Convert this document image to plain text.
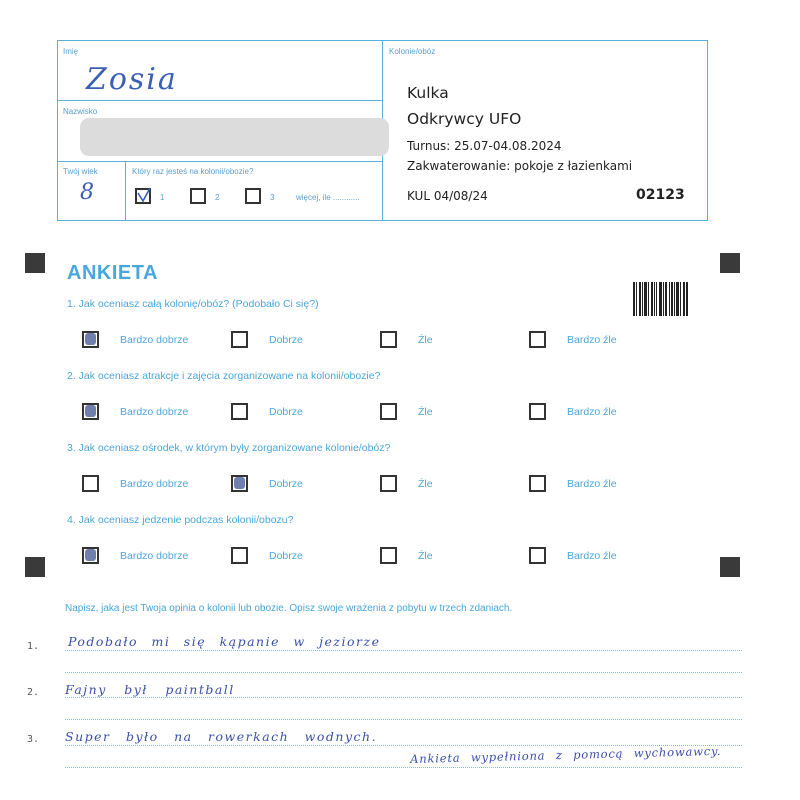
Imię
Zosia
Nazwisko
Twój wiek
8
Który raz jesteś na kolonii/obozie?
1	2	3	więcej, ile ............
Kolonie/obóz
Kulka
Odkrywcy UFO
Turnus: 25.07-04.08.2024
Zakwaterowanie: pokoje z łazienkami
KUL 04/08/24	02123
ANKIETA
1. Jak oceniasz całą kolonię/obóz? (Podobało Ci się?)
Bardzo dobrze	Dobrze	Źle	Bardzo źle
2. Jak oceniasz atrakcje i zajęcia zorganizowane na kolonii/obozie?
Bardzo dobrze	Dobrze	Źle	Bardzo źle
3. Jak oceniasz ośrodek, w którym były zorganizowane kolonie/obóz?
Bardzo dobrze	Dobrze	Źle	Bardzo źle
4. Jak oceniasz jedzenie podczas kolonii/obozu?
Bardzo dobrze	Dobrze	Źle	Bardzo źle
Napisz, jaka jest Twoja opinia o kolonii lub obozie. Opisz swoje wrażenia z pobytu w trzech zdaniach.
1. Podobało mi się kąpanie w jeziorze
2. Fajny był paintball
3. Super było na rowerkach wodnych.
Ankieta wypełniona z pomocą wychowawcy.
